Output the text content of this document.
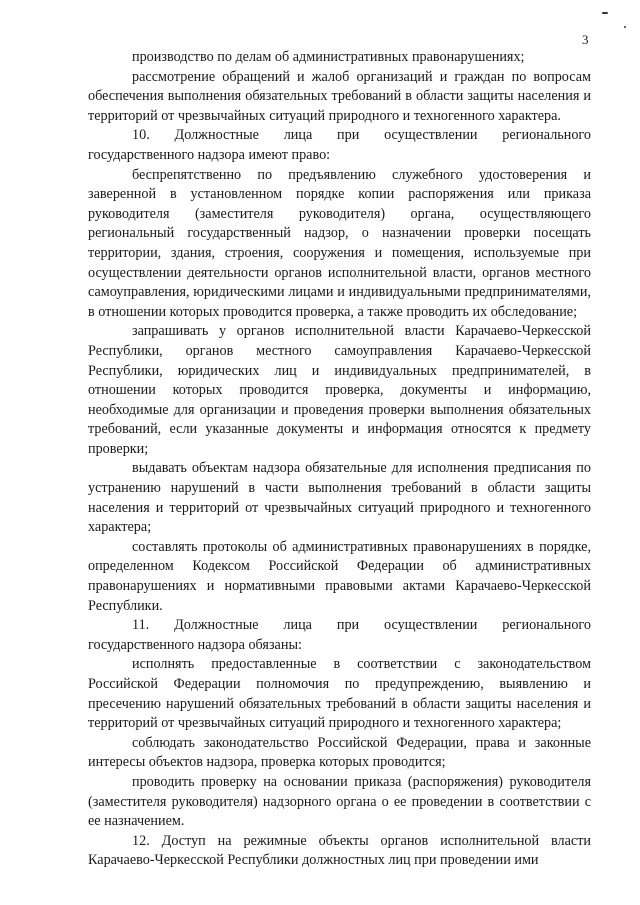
3

производство по делам об административных правонарушениях;

рассмотрение обращений и жалоб организаций и граждан по вопросам обеспечения выполнения обязательных требований в области защиты населения и территорий от чрезвычайных ситуаций природного и техногенного характера.

10. Должностные лица при осуществлении регионального государственного надзора имеют право:

беспрепятственно по предъявлению служебного удостоверения и заверенной в установленном порядке копии распоряжения или приказа руководителя (заместителя руководителя) органа, осуществляющего региональный государственный надзор, о назначении проверки посещать территории, здания, строения, сооружения и помещения, используемые при осуществлении деятельности органов исполнительной власти, органов местного самоуправления, юридическими лицами и индивидуальными предпринимателями, в отношении которых проводится проверка, а также проводить их обследование;

запрашивать у органов исполнительной власти Карачаево-Черкесской Республики, органов местного самоуправления Карачаево-Черкесской Республики, юридических лиц и индивидуальных предпринимателей, в отношении которых проводится проверка, документы и информацию, необходимые для организации и проведения проверки выполнения обязательных требований, если указанные документы и информация относятся к предмету проверки;

выдавать объектам надзора обязательные для исполнения предписания по устранению нарушений в части выполнения требований в области защиты населения и территорий от чрезвычайных ситуаций природного и техногенного характера;

составлять протоколы об административных правонарушениях в порядке, определенном Кодексом Российской Федерации об административных правонарушениях и нормативными правовыми актами Карачаево-Черкесской Республики.

11. Должностные лица при осуществлении регионального государственного надзора обязаны:

исполнять предоставленные в соответствии с законодательством Российской Федерации полномочия по предупреждению, выявлению и пресечению нарушений обязательных требований в области защиты населения и территорий от чрезвычайных ситуаций природного и техногенного характера;

соблюдать законодательство Российской Федерации, права и законные интересы объектов надзора, проверка которых проводится;

проводить проверку на основании приказа (распоряжения) руководителя (заместителя руководителя) надзорного органа о ее проведении в соответствии с ее назначением.

12. Доступ на режимные объекты органов исполнительной власти Карачаево-Черкесской Республики должностных лиц при проведении ими
